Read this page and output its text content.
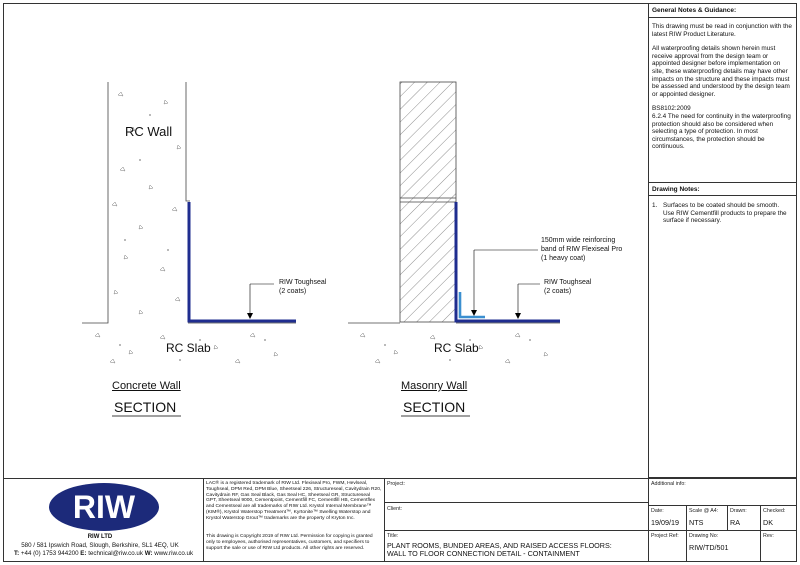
RC Wall
RC Slab
RIW Toughseal
(2 coats)
Concrete Wall
SECTION
RC Slab
150mm wide reinforcing
band of RIW Flexiseal Pro
(1 heavy coat)
RIW Toughseal
(2 coats)
Masonry Wall
SECTION
General Notes & Guidance:
This drawing must be read in conjunction with the latest RIW Product Literature.
All waterproofing details shown herein must receive approval from the design team or appointed designer before implementation on site, these waterproofing details may have other impacts on the structure and these impacts must be assessed and understood by the design team or appointed designer.
BS8102:2009
6.2.4 The need for continuity in the waterproofing protection should also be considered when selecting a type of protection. In most circumstances, the protection should be continuous.
Drawing Notes:
1. Surfaces to be coated should be smooth. Use RIW Cementfill products to prepare the surface if necessary.
RIW
RIW LTD
580 / 581 Ipswich Road, Slough, Berkshire, SL1 4EQ, UK
T: +44 (0) 1753 944200 E: technical@riw.co.uk W: www.riw.co.uk
LAC® is a registered trademark of RIW Ltd. Flexiseal Pro, FWM, Hevlseal, Toughseal, DPM Red, DPM Blue, Sheetseal 226, Structureseal, Cavitydrain R20, Cavitydrain RF, Gas Seal Black, Gas Seal HC, Sheetseal GR, Structureseal GPT, Sheetseal 9000, Cementpoint, Cementfill FC, Cementfill HB, Cementflex and Cementseal are all trademarks of RIW Ltd. Krystol Internal Membrane™ (KIM®), Krystol Waterstop Treatment™, Kyrtonite™ Swelling Waterstop and Krystol Waterstop Grout™ trademarks are the property of Kryton Inc.
This drawing is Copyright 2019 of RIW Ltd. Permission for copying is granted only to employees, authorised representatives, customers, and specifiers to support the sale or use of RIW Ltd products. All other rights are reserved.
Project:
Client:
Title:
PLANT ROOMS, BUNDED AREAS, AND RAISED ACCESS FLOORS:
WALL TO FLOOR CONNECTION DETAIL - CONTAINMENT
Additional info:
Date:
19/09/19
Scale @ A4:
NTS
Drawn:
RA
Checked:
DK
Project Ref: Drawing No:
RIW/TD/501
Rev:
